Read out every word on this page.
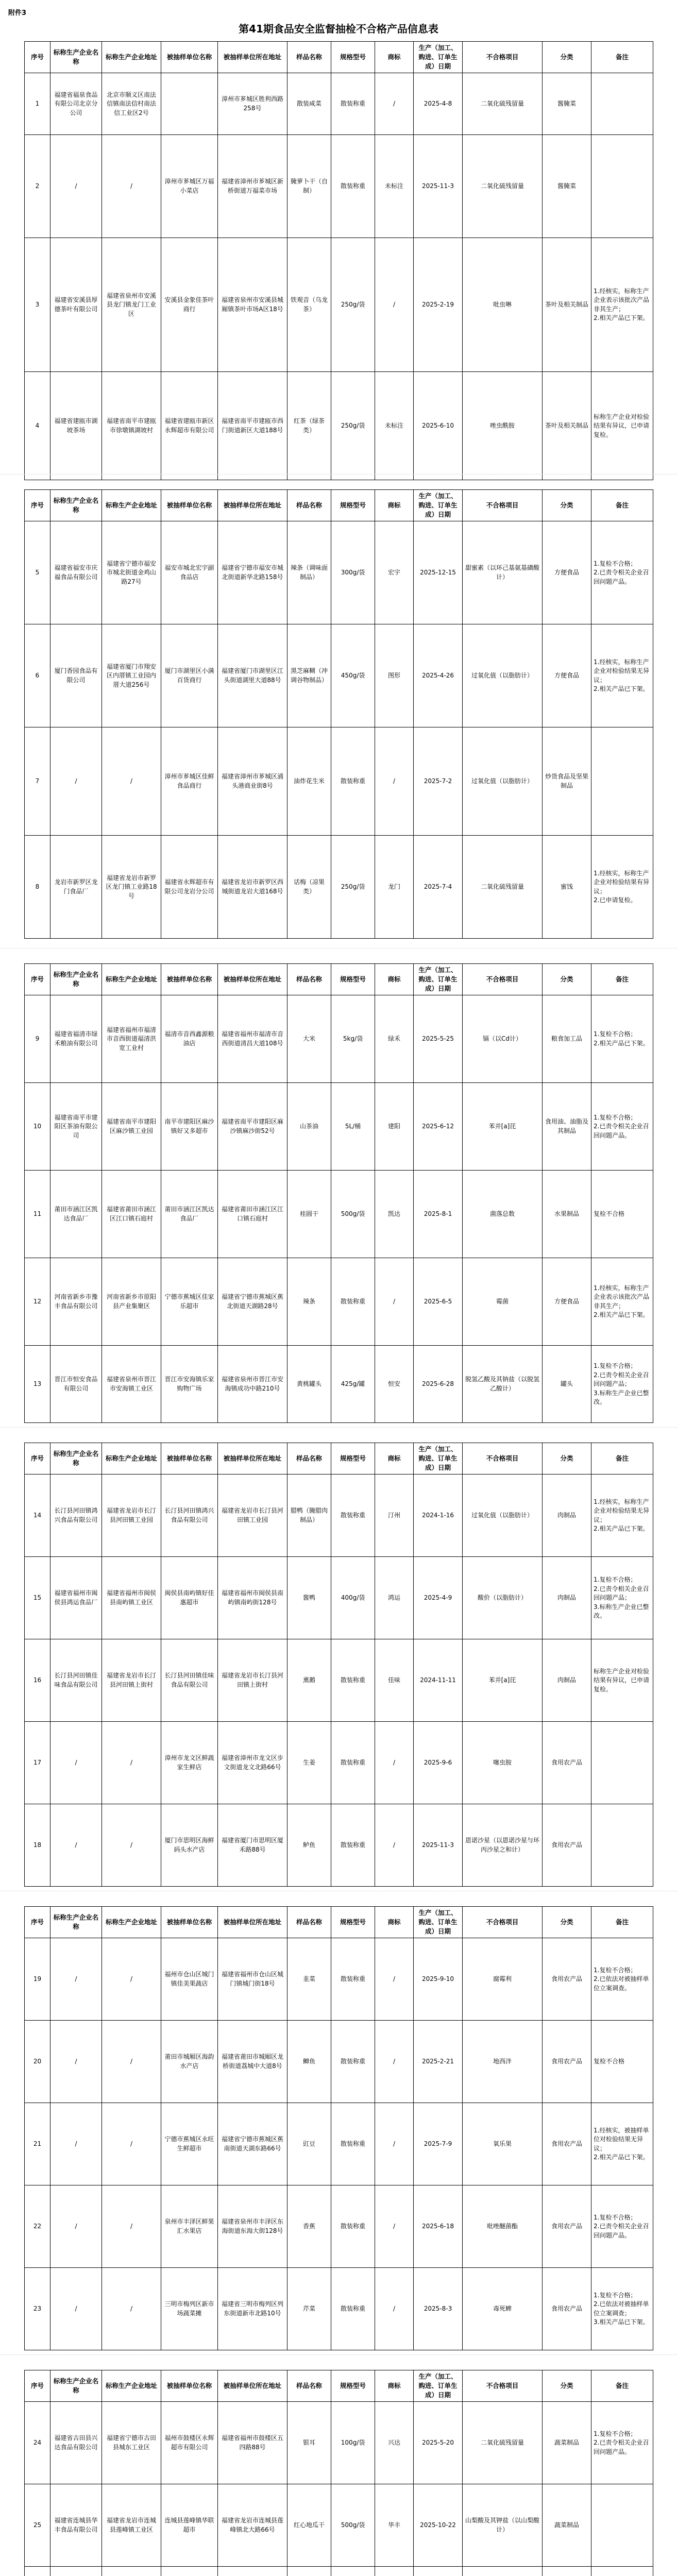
附件3
第41期食品安全监督抽检不合格产品信息表
序号	标称生产企业名称	标称生产企业地址	被抽样单位名称	被抽样单位所在地址	样品名称	规格型号	商标	生产（加工、购进、订单生成）日期	不合格项目	分类	备注
1	福建省福泉食品有限公司北京分公司	北京市顺义区南法信镇南法信村南法信工业区2号		漳州市芗城区胜利西路258号	散装咸菜	散装称重	/	2025-4-8	二氧化硫残留量	酱腌菜	
2	/	/	漳州市芗城区万福小菜店	福建省漳州市芗城区新桥街道万福菜市场	腌萝卜干（自制）	散装称重	未标注	2025-11-3	二氧化硫残留量	酱腌菜	
3	福建省安溪县厚德茶叶有限公司	福建省泉州市安溪县龙门镇龙门工业区	安溪县金象佳茶叶商行	福建省泉州市安溪县城厢镇茶叶市场A区18号	铁观音（乌龙茶）	250g/袋	/	2025-2-19	吡虫啉	茶叶及相关制品	1.经核实，标称生产企业表示该批次产品非其生产；
2.相关产品已下架。
4	福建省建瓯市湖坡茶场	福建省南平市建瓯市徐墩镇湖坡村	福建省建瓯市新区永辉超市有限公司	福建省南平市建瓯市西门街道新区大道188号	红茶（绿茶类）	250g/袋	未标注	2025-6-10	唑虫酰胺	茶叶及相关制品	标称生产企业对检验结果有异议，已申请复检。
序号	标称生产企业名称	标称生产企业地址	被抽样单位名称	被抽样单位所在地址	样品名称	规格型号	商标	生产（加工、购进、订单生成）日期	不合格项目	分类	备注
5	福建省福安市庆福食品有限公司	福建省宁德市福安市城北街道金鸡山路27号	福安市城北宏宇副食品店	福建省宁德市福安市城北街道新华北路158号	辣条（调味面制品）	300g/袋	宏宇	2025-12-15	甜蜜素（以环己基氨基磺酸计）	方便食品	1.复检不合格；
2.已责令相关企业召回问题产品。
6	厦门香园食品有限公司	福建省厦门市翔安区内厝镇工业园内厝大道256号	厦门市湖里区小满百货商行	福建省厦门市湖里区江头街道湖里大道88号	黑芝麻糊（冲调谷物制品）	450g/袋	图形	2025-4-26	过氧化值（以脂肪计）	方便食品	1.经核实，标称生产企业对检验结果无异议；
2.相关产品已下架。
7	/	/	漳州市芗城区佳鲜食品商行	福建省漳州市芗城区浦头港商业街8号	油炸花生米	散装称重	/	2025-7-2	过氧化值（以脂肪计）	炒货食品及坚果制品	
8	龙岩市新罗区龙门食品厂	福建省龙岩市新罗区龙门镇工业路18号	福建省永辉超市有限公司龙岩分公司	福建省龙岩市新罗区西城街道龙岩大道168号	话梅（凉果类）	250g/袋	龙门	2025-7-4	二氧化硫残留量	蜜饯	1.经核实，标称生产企业对检验结果有异议；
2.已申请复检。
序号	标称生产企业名称	标称生产企业地址	被抽样单位名称	被抽样单位所在地址	样品名称	规格型号	商标	生产（加工、购进、订单生成）日期	不合格项目	分类	备注
9	福建省福清市绿禾粮油有限公司	福建省福州市福清市音西街道福清洪宽工业村	福清市音西鑫源粮油店	福建省福州市福清市音西街道清昌大道108号	大米	5kg/袋	绿禾	2025-5-25	镉（以Cd计）	粮食加工品	1.复检不合格；
2.相关产品已下架。
10	福建省南平市建阳区茶油有限公司	福建省南平市建阳区麻沙镇工业园	南平市建阳区麻沙镇好又多超市	福建省南平市建阳区麻沙镇麻沙街52号	山茶油	5L/桶	建阳	2025-6-12	苯并[a]芘	食用油、油脂及其制品	1.复检不合格；
2.已责令相关企业召回问题产品。
11	莆田市涵江区凯达食品厂	福建省莆田市涵江区江口镇石庭村	莆田市涵江区凯达食品厂	福建省莆田市涵江区江口镇石庭村	桂圆干	500g/袋	凯达	2025-8-1	菌落总数	水果制品	复检不合格
12	河南省新乡市豫丰食品有限公司	河南省新乡市原阳县产业集聚区	宁德市蕉城区佳家乐超市	福建省宁德市蕉城区蕉北街道天湖路28号	辣条	散装称重	/	2025-6-5	霉菌	方便食品	1.经核实，标称生产企业表示该批次产品非其生产；
2.相关产品已下架。
13	晋江市恒安食品有限公司	福建省泉州市晋江市安海镇工业区	晋江市安海镇乐家购物广场	福建省泉州市晋江市安海镇成功中路210号	黄桃罐头	425g/罐	恒安	2025-6-28	脱氢乙酸及其钠盐（以脱氢乙酸计）	罐头	1.复检不合格；
2.已责令相关企业召回问题产品；
3.标称生产企业已整改。
序号	标称生产企业名称	标称生产企业地址	被抽样单位名称	被抽样单位所在地址	样品名称	规格型号	商标	生产（加工、购进、订单生成）日期	不合格项目	分类	备注
14	长汀县河田镇鸿兴食品有限公司	福建省龙岩市长汀县河田镇工业园	长汀县河田镇鸿兴食品有限公司	福建省龙岩市长汀县河田镇工业园	腊鸭（腌腊肉制品）	散装称重	汀州	2024-1-16	过氧化值（以脂肪计）	肉制品	1.经核实，标称生产企业对检验结果无异议；
2.相关产品已下架。
15	福建省福州市闽侯县鸿运食品厂	福建省福州市闽侯县南屿镇工业区	闽侯县南屿镇好佳惠超市	福建省福州市闽侯县南屿镇南屿街128号	酱鸭	400g/袋	鸿运	2025-4-9	酸价（以脂肪计）	肉制品	1.复检不合格；
2.已责令相关企业召回问题产品；
3.标称生产企业已整改。
16	长汀县河田镇佳味食品有限公司	福建省龙岩市长汀县河田镇上街村	长汀县河田镇佳味食品有限公司	福建省龙岩市长汀县河田镇上街村	熏鹅	散装称重	佳味	2024-11-11	苯并[a]芘	肉制品	标称生产企业对检验结果有异议，已申请复检。
17	/	/	漳州市龙文区鲜蔬家生鲜店	福建省漳州市龙文区步文街道龙文北路66号	生姜	散装称重	/	2025-9-6	噻虫胺	食用农产品	
18	/	/	厦门市思明区海鲜码头水产店	福建省厦门市思明区厦禾路88号	鲈鱼	散装称重	/	2025-11-3	恩诺沙星（以恩诺沙星与环丙沙星之和计）	食用农产品	
序号	标称生产企业名称	标称生产企业地址	被抽样单位名称	被抽样单位所在地址	样品名称	规格型号	商标	生产（加工、购进、订单生成）日期	不合格项目	分类	备注
19	/	/	福州市仓山区城门镇佳美果蔬店	福建省福州市仓山区城门镇城门街18号	韭菜	散装称重	/	2025-9-10	腐霉利	食用农产品	1.复检不合格；
2.已依法对被抽样单位立案调查。
20	/	/	莆田市城厢区海韵水产店	福建省莆田市城厢区龙桥街道荔城中大道8号	鲫鱼	散装称重	/	2025-2-21	地西泮	食用农产品	复检不合格
21	/	/	宁德市蕉城区永旺生鲜超市	福建省宁德市蕉城区蕉南街道天湖东路66号	豇豆	散装称重	/	2025-7-9	氧乐果	食用农产品	1.经核实，被抽样单位对检验结果无异议；
2.相关产品已下架。
22	/	/	泉州市丰泽区鲜果汇水果店	福建省泉州市丰泽区东海街道东海大街128号	香蕉	散装称重	/	2025-6-18	吡唑醚菌酯	食用农产品	1.复检不合格；
2.已责令相关企业召回问题产品。
23	/	/	三明市梅列区新市场蔬菜摊	福建省三明市梅列区列东街道新市北路10号	芹菜	散装称重	/	2025-8-3	毒死蜱	食用农产品	1.复检不合格；
2.已依法对被抽样单位立案调查；
3.相关产品已下架。
序号	标称生产企业名称	标称生产企业地址	被抽样单位名称	被抽样单位所在地址	样品名称	规格型号	商标	生产（加工、购进、订单生成）日期	不合格项目	分类	备注
24	福建省古田县兴达食品有限公司	福建省宁德市古田县城东工业区	福州市鼓楼区永辉超市有限公司	福建省福州市鼓楼区五四路88号	银耳	100g/袋	兴达	2025-5-20	二氧化硫残留量	蔬菜制品	1.复检不合格；
2.已责令相关企业召回问题产品。
25	福建省连城县华丰食品有限公司	福建省龙岩市连城县莲峰镇工业区	连城县莲峰镇华联超市	福建省龙岩市连城县莲峰镇北大路66号	红心地瓜干	500g/袋	华丰	2025-10-22	山梨酸及其钾盐（以山梨酸计）	蔬菜制品	
